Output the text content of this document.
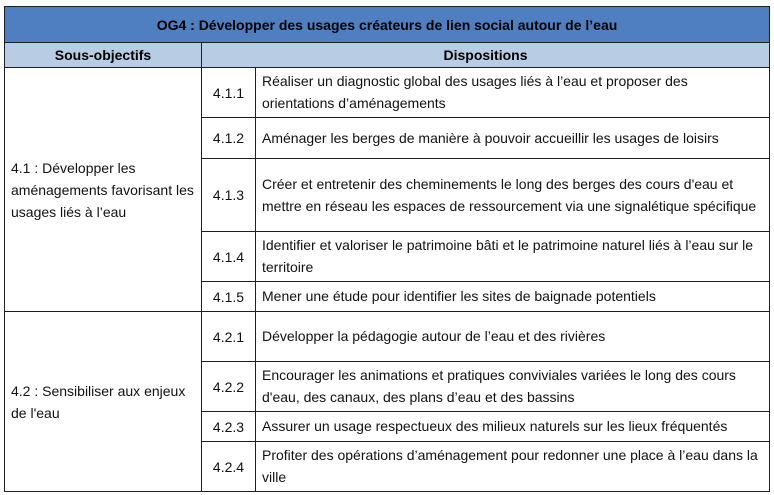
OG4 : Développer des usages créateurs de lien social autour de l’eau		
Sous-objectifs	Dispositions	
4.1 : Développer les aménagements favorisant les usages liés à l’eau	4.1.1	Réaliser un diagnostic global des usages liés à l’eau et proposer des orientations d’aménagements
	4.1.2	Aménager les berges de manière à pouvoir accueillir les usages de loisirs
	4.1.3	Créer et entretenir des cheminements le long des berges des cours d'eau et mettre en réseau les espaces de ressourcement via une signalétique spécifique
	4.1.4	Identifier et valoriser le patrimoine bâti et le patrimoine naturel liés à l’eau sur le territoire
	4.1.5	Mener une étude pour identifier les sites de baignade potentiels
4.2 : Sensibiliser aux enjeux de l'eau	4.2.1	Développer la pédagogie autour de l’eau et des rivières
	4.2.2	Encourager les animations et pratiques conviviales variées le long des cours d'eau, des canaux, des plans d’eau et des bassins
	4.2.3	Assurer un usage respectueux des milieux naturels sur les lieux fréquentés
	4.2.4	Profiter des opérations d’aménagement pour redonner une place à l’eau dans la ville
